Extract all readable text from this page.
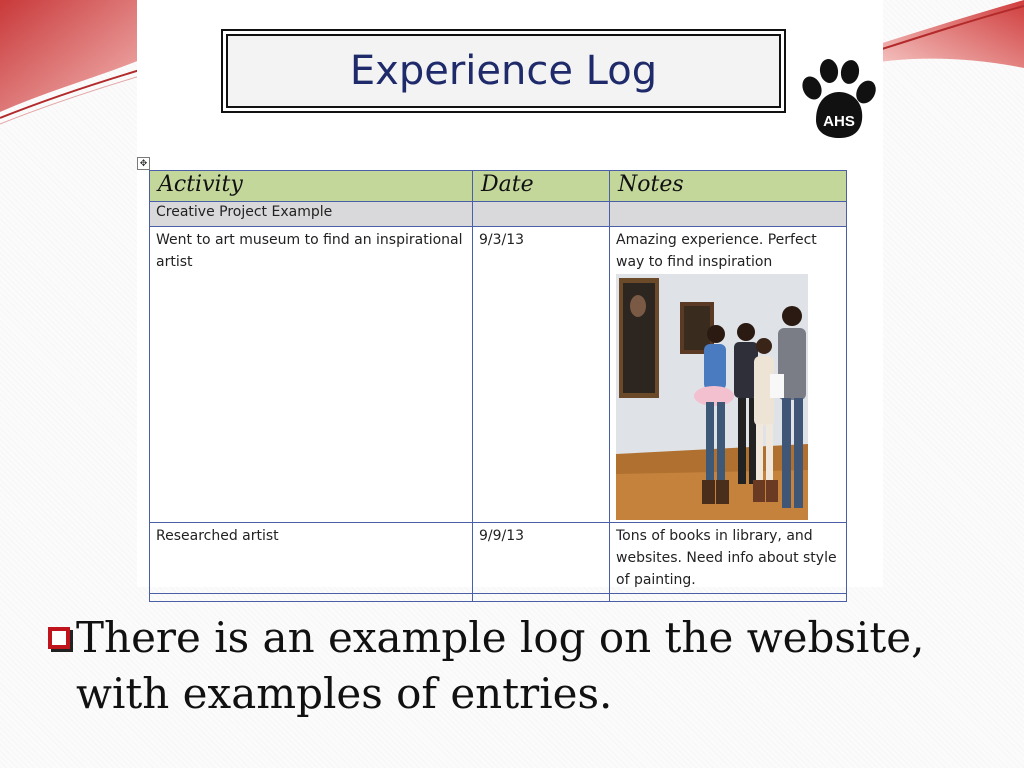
Experience Log
AHS
✥
Activity	Date	Notes
Creative Project Example		
Went to art museum to find an inspirational artist	9/3/13	Amazing experience. Perfect way to find inspiration

Researched artist	9/9/13	Tons of books in library, and websites. Need info about style of painting.

There is an example log on the website,
with examples of entries.
